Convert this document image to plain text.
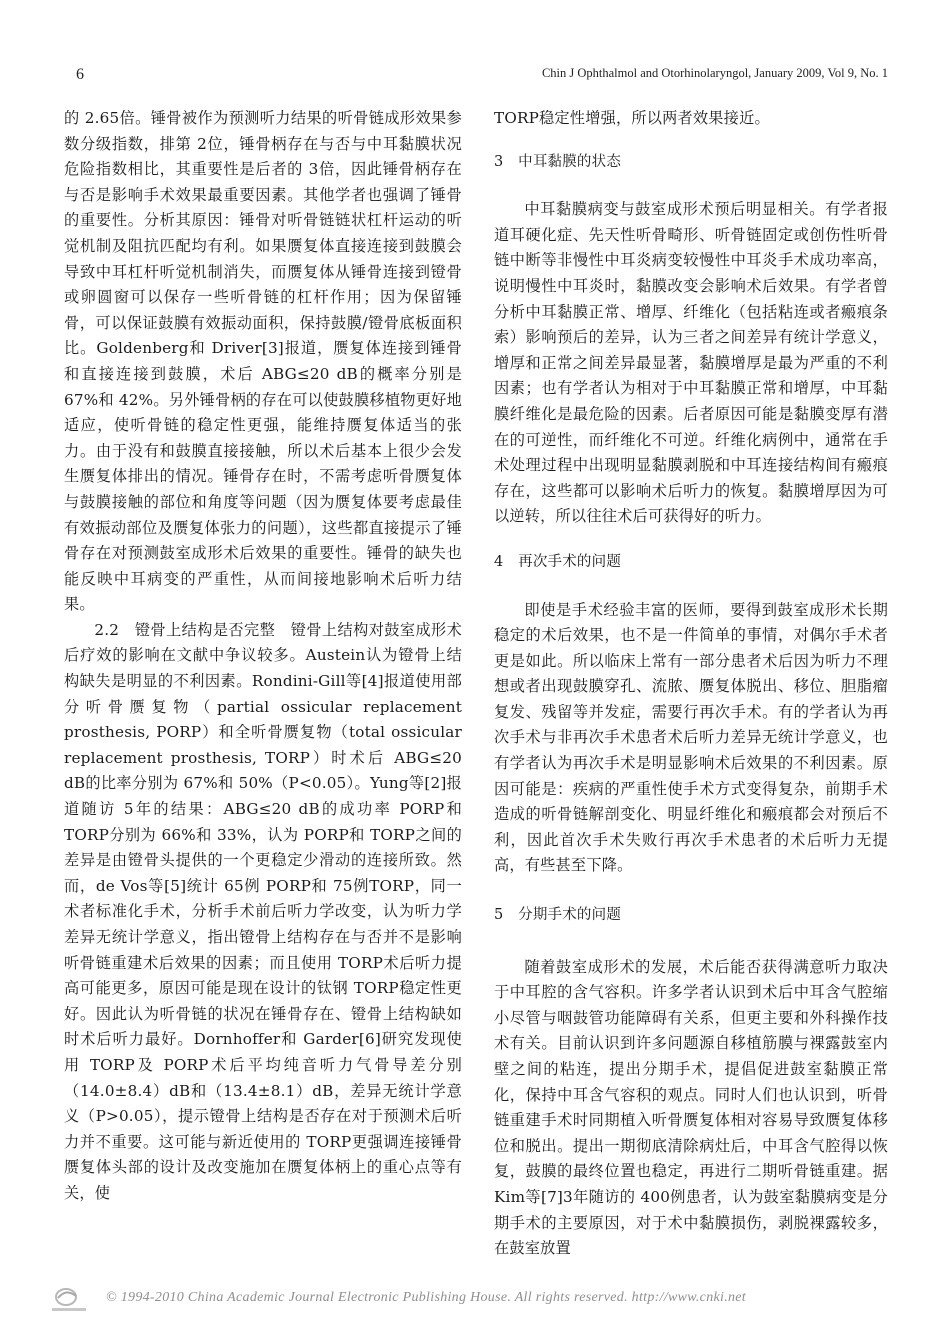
6	Chin J Ophthalmol and Otorhinolaryngol, January 2009, Vol 9, No. 1

的 2.65倍。锤骨被作为预测听力结果的听骨链成形效果参数分级指数，排第 2位，锤骨柄存在与否与中耳黏膜状况危险指数相比，其重要性是后者的 3倍，因此锤骨柄存在与否是影响手术效果最重要因素。其他学者也强调了锤骨的重要性。分析其原因：锤骨对听骨链链状杠杆运动的听觉机制及阻抗匹配均有利。如果赝复体直接连接到鼓膜会导致中耳杠杆听觉机制消失，而赝复体从锤骨连接到镫骨或卵圆窗可以保存一些听骨链的杠杆作用；因为保留锤骨，可以保证鼓膜有效振动面积，保持鼓膜/镫骨底板面积比。Goldenberg和 Driver[3]报道，赝复体连接到锤骨和直接连接到鼓膜，术后 ABG≤20 dB的概率分别是 67%和 42%。另外锤骨柄的存在可以使鼓膜移植物更好地适应，使听骨链的稳定性更强，能维持赝复体适当的张力。由于没有和鼓膜直接接触，所以术后基本上很少会发生赝复体排出的情况。锤骨存在时，不需考虑听骨赝复体与鼓膜接触的部位和角度等问题（因为赝复体要考虑最佳有效振动部位及赝复体张力的问题），这些都直接提示了锤骨存在对预测鼓室成形术后效果的重要性。锤骨的缺失也能反映中耳病变的严重性，从而间接地影响术后听力结果。

2.2　镫骨上结构是否完整　镫骨上结构对鼓室成形术后疗效的影响在文献中争议较多。Austein认为镫骨上结构缺失是明显的不利因素。Rondini-Gill等[4]报道使用部分听骨赝复物（partial ossicular replacement prosthesis, PORP）和全听骨赝复物（total ossicular replacement prosthesis, TORP）时术后 ABG≤20 dB的比率分别为 67%和 50%（P<0.05）。Yung等[2]报道随访 5年的结果：ABG≤20 dB的成功率 PORP和TORP分别为 66%和 33%，认为 PORP和 TORP之间的差异是由镫骨头提供的一个更稳定少滑动的连接所致。然而，de Vos等[5]统计 65例 PORP和 75例TORP，同一术者标准化手术，分析手术前后听力学改变，认为听力学差异无统计学意义，指出镫骨上结构存在与否并不是影响听骨链重建术后效果的因素；而且使用 TORP术后听力提高可能更多，原因可能是现在设计的钛钢 TORP稳定性更好。因此认为听骨链的状况在锤骨存在、镫骨上结构缺如时术后听力最好。Dornhoffer和 Garder[6]研究发现使用 TORP及 PORP术后平均纯音听力气骨导差分别（14.0±8.4）dB和（13.4±8.1）dB，差异无统计学意义（P>0.05），提示镫骨上结构是否存在对于预测术后听力并不重要。这可能与新近使用的 TORP更强调连接锤骨赝复体头部的设计及改变施加在赝复体柄上的重心点等有关，使

TORP稳定性增强，所以两者效果接近。

3　中耳黏膜的状态

中耳黏膜病变与鼓室成形术预后明显相关。有学者报道耳硬化症、先天性听骨畸形、听骨链固定或创伤性听骨链中断等非慢性中耳炎病变较慢性中耳炎手术成功率高，说明慢性中耳炎时，黏膜改变会影响术后效果。有学者曾分析中耳黏膜正常、增厚、纤维化（包括粘连或者瘢痕条索）影响预后的差异，认为三者之间差异有统计学意义，增厚和正常之间差异最显著，黏膜增厚是最为严重的不利因素；也有学者认为相对于中耳黏膜正常和增厚，中耳黏膜纤维化是最危险的因素。后者原因可能是黏膜变厚有潜在的可逆性，而纤维化不可逆。纤维化病例中，通常在手术处理过程中出现明显黏膜剥脱和中耳连接结构间有瘢痕存在，这些都可以影响术后听力的恢复。黏膜增厚因为可以逆转，所以往往术后可获得好的听力。

4　再次手术的问题

即使是手术经验丰富的医师，要得到鼓室成形术长期稳定的术后效果，也不是一件简单的事情，对偶尔手术者更是如此。所以临床上常有一部分患者术后因为听力不理想或者出现鼓膜穿孔、流脓、赝复体脱出、移位、胆脂瘤复发、残留等并发症，需要行再次手术。有的学者认为再次手术与非再次手术患者术后听力差异无统计学意义，也有学者认为再次手术是明显影响术后效果的不利因素。原因可能是：疾病的严重性使手术方式变得复杂，前期手术造成的听骨链解剖变化、明显纤维化和瘢痕都会对预后不利，因此首次手术失败行再次手术患者的术后听力无提高，有些甚至下降。

5　分期手术的问题

随着鼓室成形术的发展，术后能否获得满意听力取决于中耳腔的含气容积。许多学者认识到术后中耳含气腔缩小尽管与咽鼓管功能障碍有关系，但更主要和外科操作技术有关。目前认识到许多问题源自移植筋膜与裸露鼓室内壁之间的粘连，提出分期手术，提倡促进鼓室黏膜正常化，保持中耳含气容积的观点。同时人们也认识到，听骨链重建手术时同期植入听骨赝复体相对容易导致赝复体移位和脱出。提出一期彻底清除病灶后，中耳含气腔得以恢复，鼓膜的最终位置也稳定，再进行二期听骨链重建。据 Kim等[7]3年随访的 400例患者，认为鼓室黏膜病变是分期手术的主要原因，对于术中黏膜损伤，剥脱裸露较多，在鼓室放置

© 1994-2010 China Academic Journal Electronic Publishing House. All rights reserved. http://www.cnki.net
